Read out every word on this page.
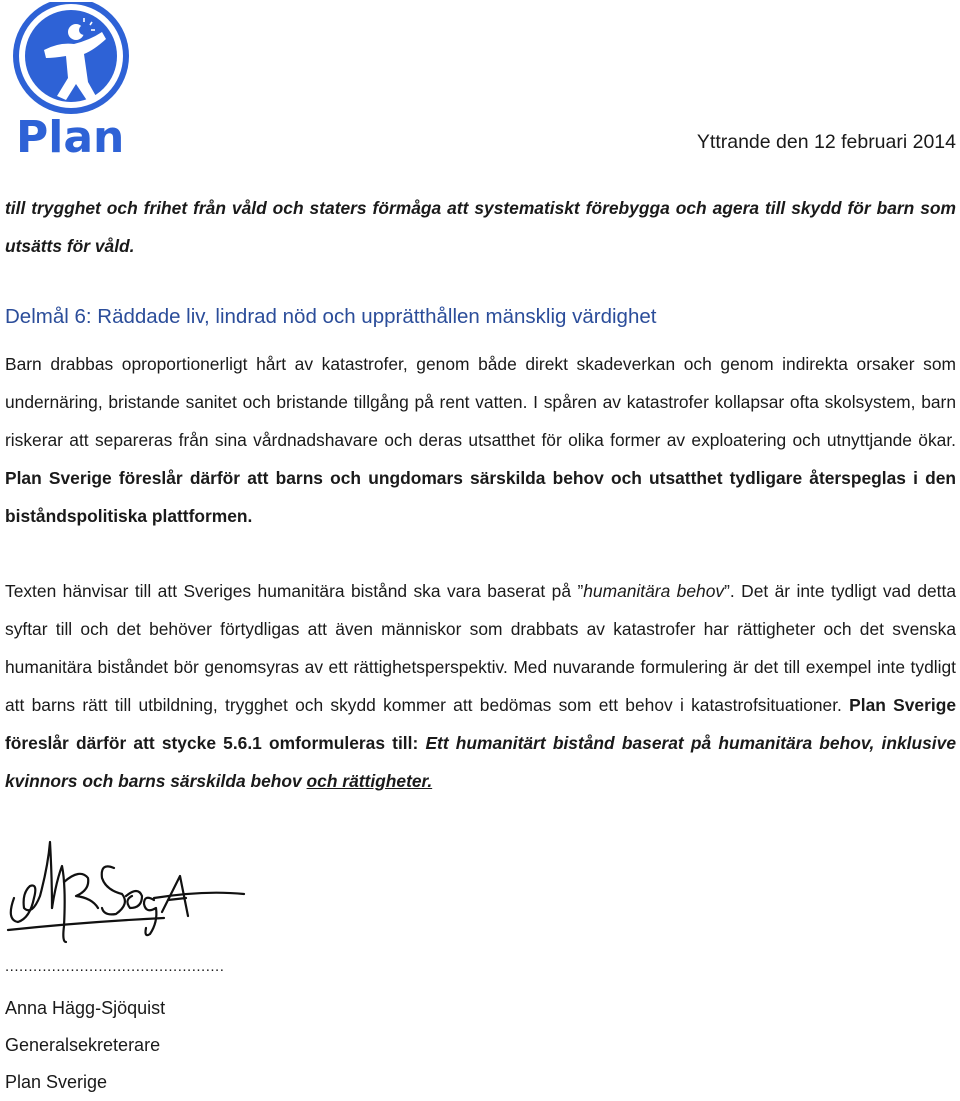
Plan	Yttrande den 12 februari 2014

till trygghet och frihet från våld och staters förmåga att systematiskt förebygga och agera till skydd för barn som utsätts för våld.

Delmål 6: Räddade liv, lindrad nöd och upprätthållen mänsklig värdighet

Barn drabbas oproportionerligt hårt av katastrofer, genom både direkt skadeverkan och genom indirekta orsaker som undernäring, bristande sanitet och bristande tillgång på rent vatten. I spåren av katastrofer kollapsar ofta skolsystem, barn riskerar att separeras från sina vårdnadshavare och deras utsatthet för olika former av exploatering och utnyttjande ökar. Plan Sverige föreslår därför att barns och ungdomars särskilda behov och utsatthet tydligare återspeglas i den biståndspolitiska plattformen.

Texten hänvisar till att Sveriges humanitära bistånd ska vara baserat på ”humanitära behov”. Det är inte tydligt vad detta syftar till och det behöver förtydligas att även människor som drabbats av katastrofer har rättigheter och det svenska humanitära biståndet bör genomsyras av ett rättighetsperspektiv. Med nuvarande formulering är det till exempel inte tydligt att barns rätt till utbildning, trygghet och skydd kommer att bedömas som ett behov i katastrofsituationer. Plan Sverige föreslår därför att stycke 5.6.1 omformuleras till: Ett humanitärt bistånd baserat på humanitära behov, inklusive kvinnors och barns särskilda behov och rättigheter.

...............................................
Anna Hägg-Sjöquist
Generalsekreterare
Plan Sverige
